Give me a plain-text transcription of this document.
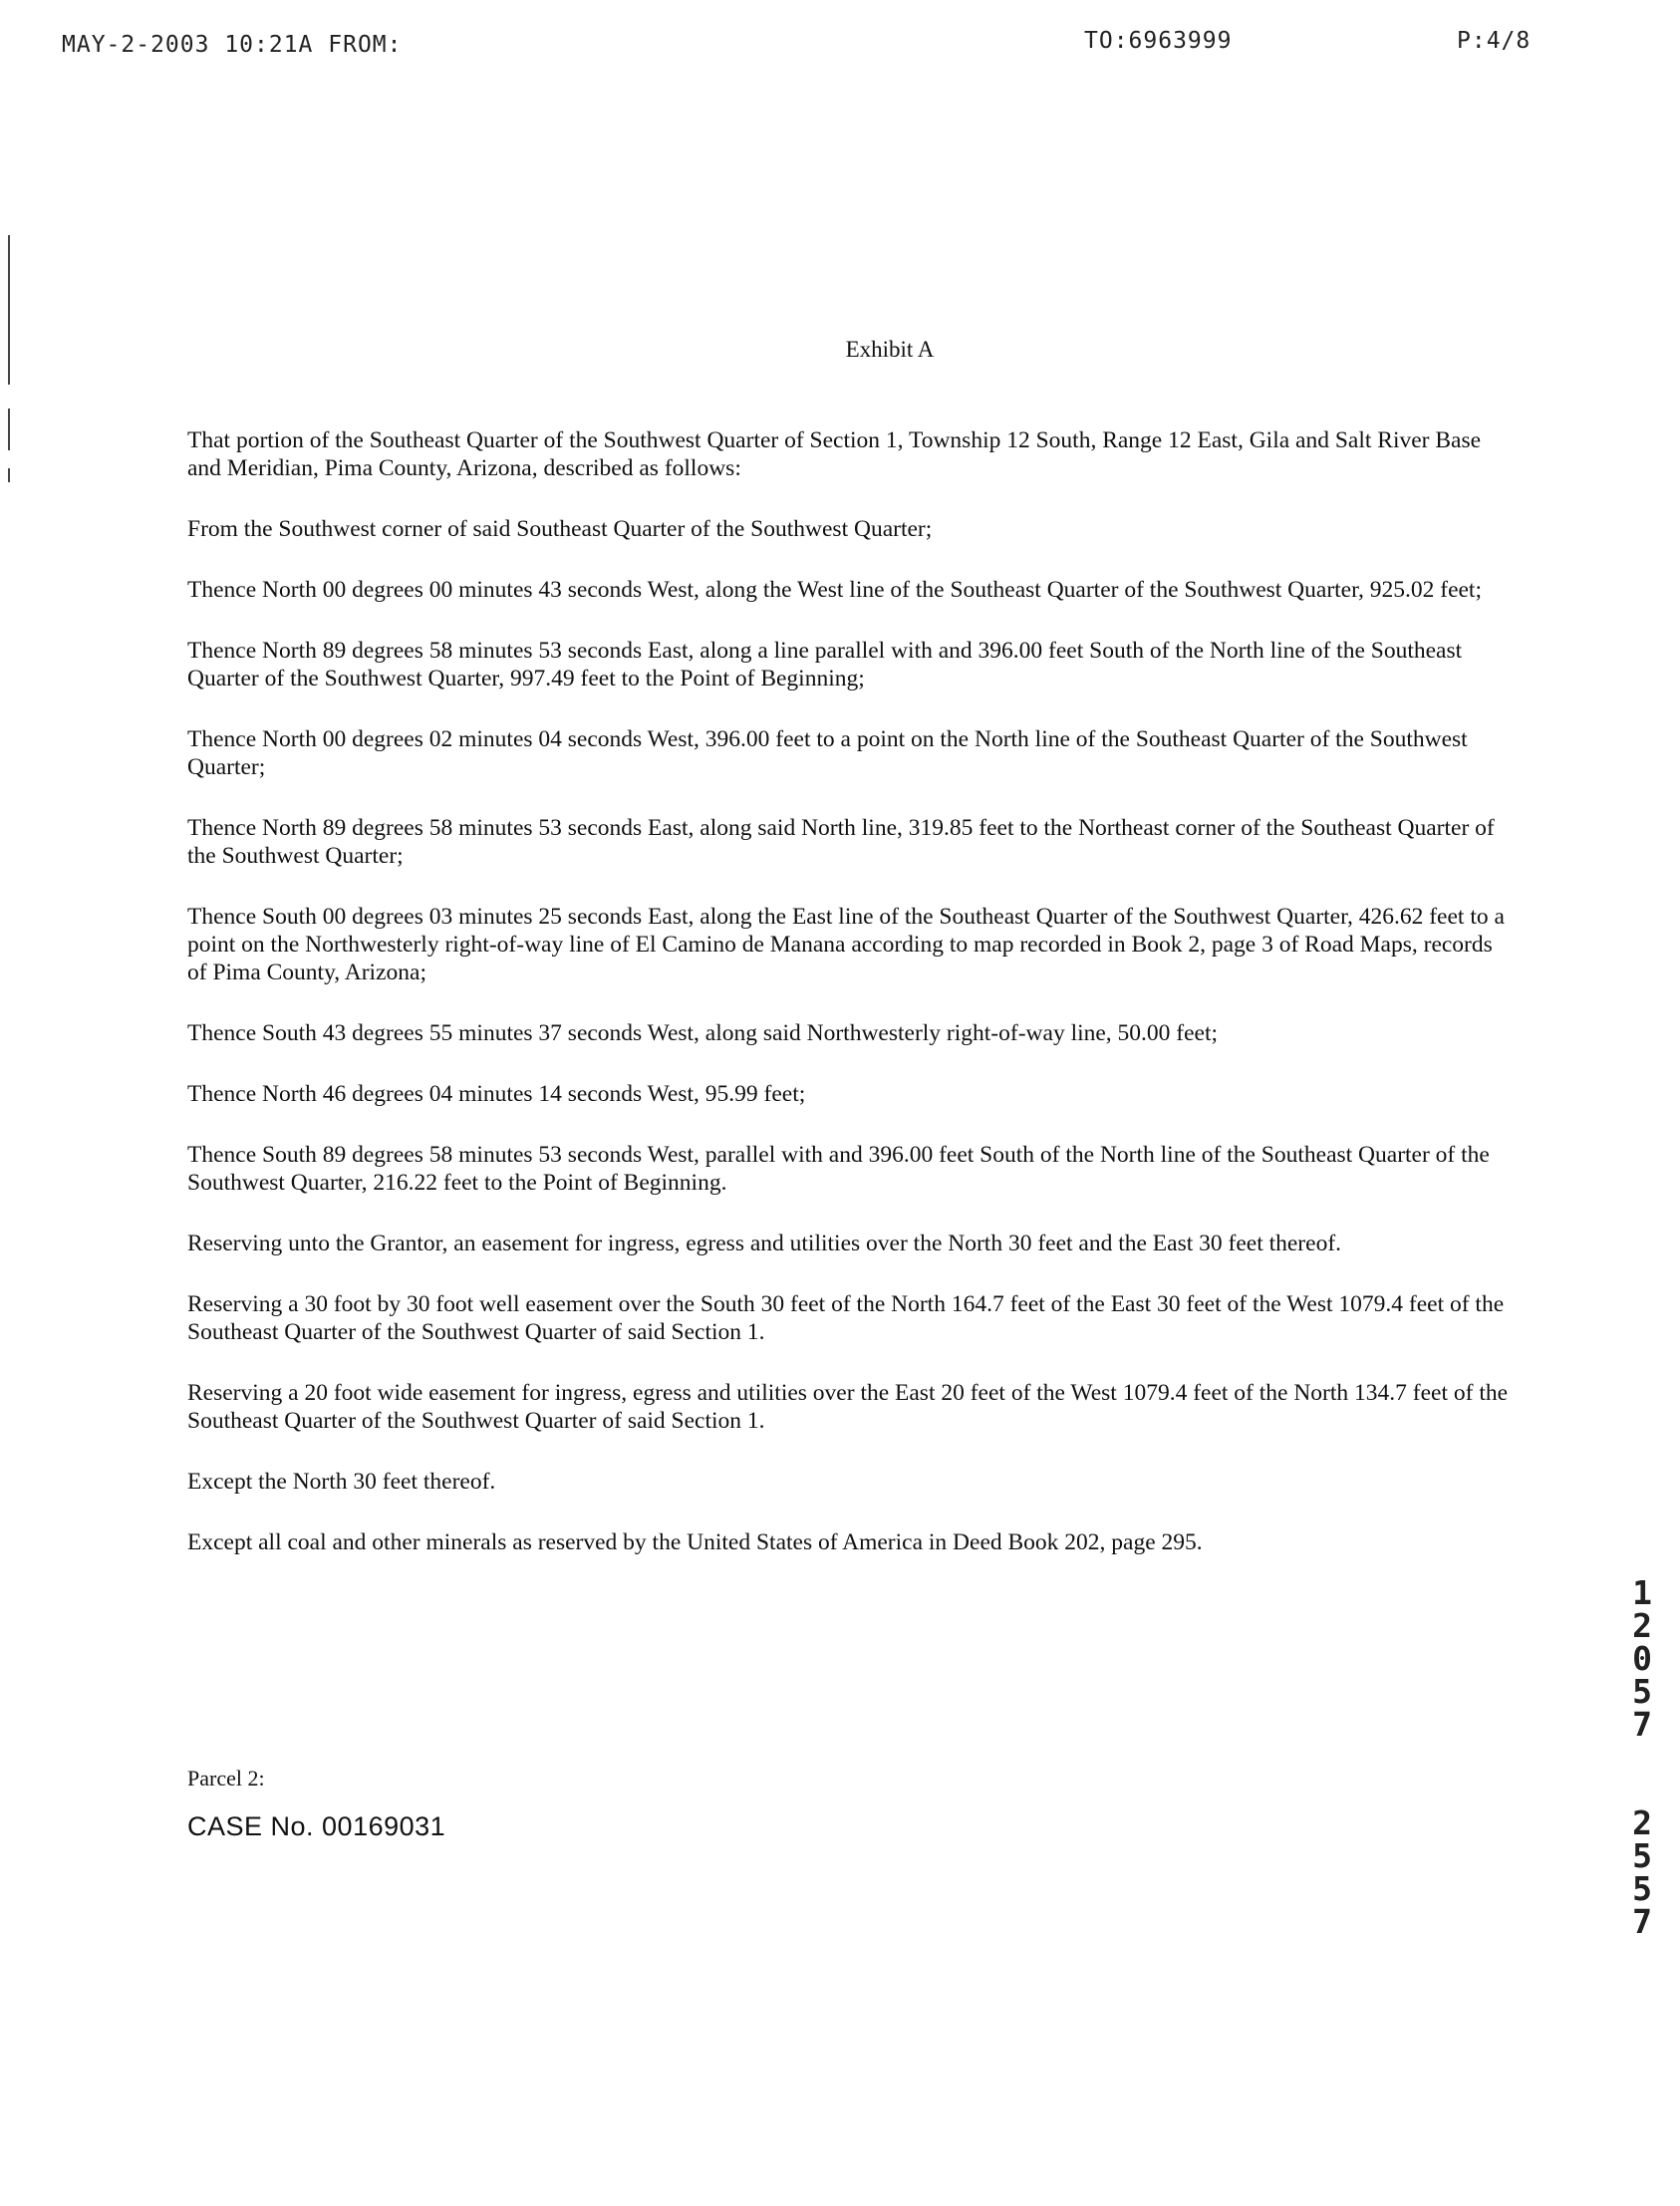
MAY-2-2003 10:21A FROM:	TO:6963999	P:4/8
Exhibit A

That portion of the Southeast Quarter of the Southwest Quarter of Section 1, Township 12 South, Range 12 East, Gila and Salt River Base and Meridian, Pima County, Arizona, described as follows:

From the Southwest corner of said Southeast Quarter of the Southwest Quarter;

Thence North 00 degrees 00 minutes 43 seconds West, along the West line of the Southeast Quarter of the Southwest Quarter, 925.02 feet;

Thence North 89 degrees 58 minutes 53 seconds East, along a line parallel with and 396.00 feet South of the North line of the Southeast Quarter of the Southwest Quarter, 997.49 feet to the Point of Beginning;

Thence North 00 degrees 02 minutes 04 seconds West, 396.00 feet to a point on the North line of the Southeast Quarter of the Southwest Quarter;

Thence North 89 degrees 58 minutes 53 seconds East, along said North line, 319.85 feet to the Northeast corner of the Southeast Quarter of the Southwest Quarter;

Thence South 00 degrees 03 minutes 25 seconds East, along the East line of the Southeast Quarter of the Southwest Quarter, 426.62 feet to a point on the Northwesterly right-of-way line of El Camino de Manana according to map recorded in Book 2, page 3 of Road Maps, records of Pima County, Arizona;

Thence South 43 degrees 55 minutes 37 seconds West, along said Northwesterly right-of-way line, 50.00 feet;

Thence North 46 degrees 04 minutes 14 seconds West, 95.99 feet;

Thence South 89 degrees 58 minutes 53 seconds West, parallel with and 396.00 feet South of the North line of the Southeast Quarter of the Southwest Quarter, 216.22 feet to the Point of Beginning.

Reserving unto the Grantor, an easement for ingress, egress and utilities over the North 30 feet and the East 30 feet thereof.

Reserving a 30 foot by 30 foot well easement over the South 30 feet of the North 164.7 feet of the East 30 feet of the West 1079.4 feet of the Southeast Quarter of the Southwest Quarter of said Section 1.

Reserving a 20 foot wide easement for ingress, egress and utilities over the East 20 feet of the West 1079.4 feet of the North 134.7 feet of the Southeast Quarter of the Southwest Quarter of said Section 1.

Except the North 30 feet thereof.

Except all coal and other minerals as reserved by the United States of America in Deed Book 202, page 295.

Parcel 2:
CASE No. 00169031
1
2
0
5
7
2
5
5
7
